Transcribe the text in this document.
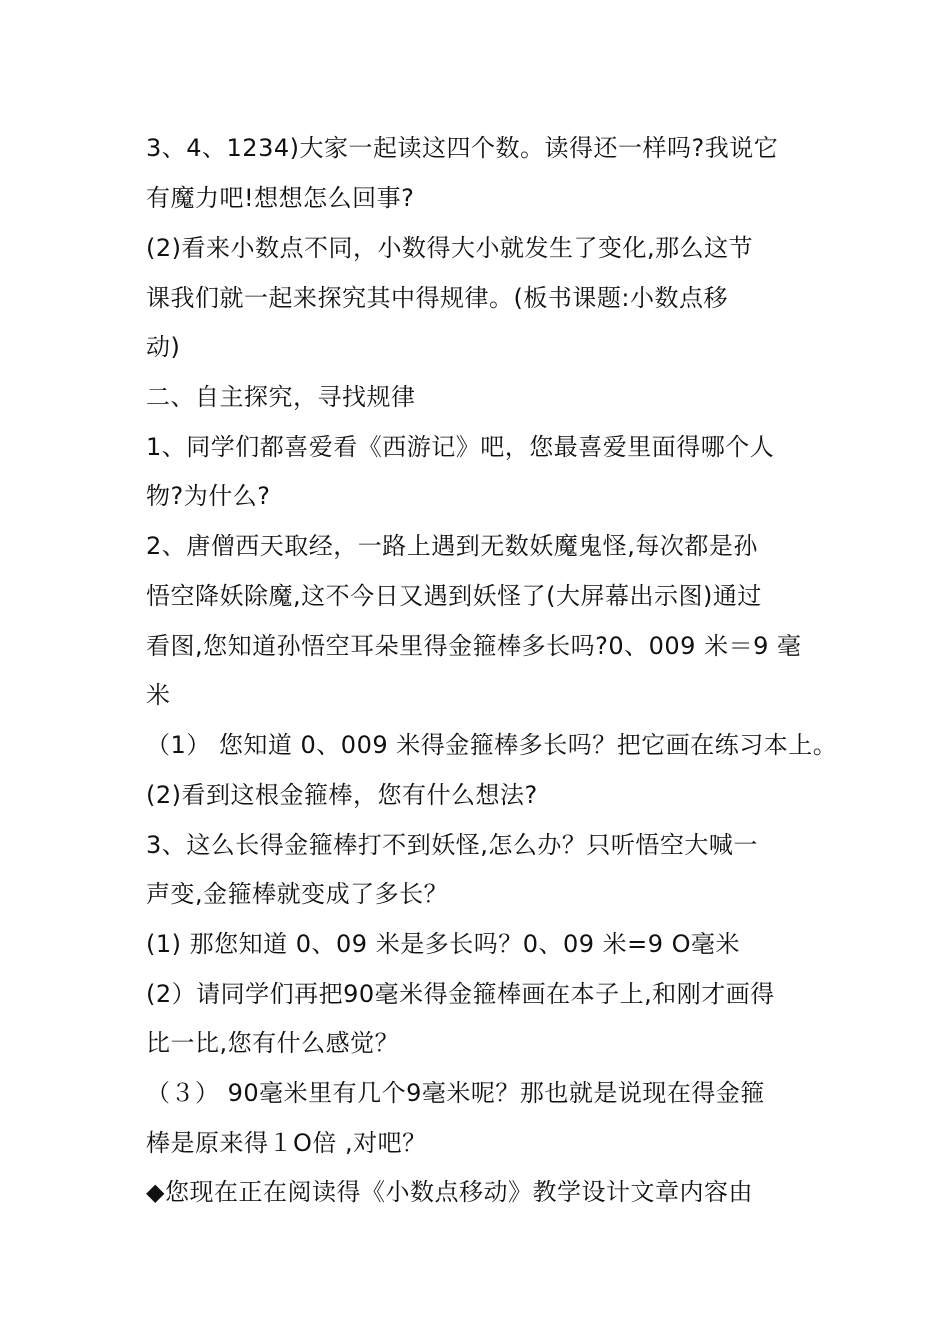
3、4、1234)大家一起读这四个数。读得还一样吗?我说它
有魔力吧!想想怎么回事?
(2)看来小数点不同，小数得大小就发生了变化,那么这节
课我们就一起来探究其中得规律。(板书课题:小数点移
动)
二、自主探究，寻找规律
1、同学们都喜爱看《西游记》吧，您最喜爱里面得哪个人
物?为什么?
2、唐僧西天取经，一路上遇到无数妖魔鬼怪,每次都是孙
悟空降妖除魔,这不今日又遇到妖怪了(大屏幕出示图)通过
看图,您知道孙悟空耳朵里得金箍棒多长吗?0、009 米＝9 毫
米
（1） 您知道 0、009 米得金箍棒多长吗？把它画在练习本上。
(2)看到这根金箍棒，您有什么想法?
3、这么长得金箍棒打不到妖怪,怎么办？只听悟空大喊一
声变,金箍棒就变成了多长？
(1) 那您知道 0、09 米是多长吗？0、09 米=9 O毫米
(2）请同学们再把90毫米得金箍棒画在本子上,和刚才画得
比一比,您有什么感觉？
（３） 90毫米里有几个9毫米呢？那也就是说现在得金箍
棒是原来得１O倍 ,对吧？
◆您现在正在阅读得《小数点移动》教学设计文章内容由
